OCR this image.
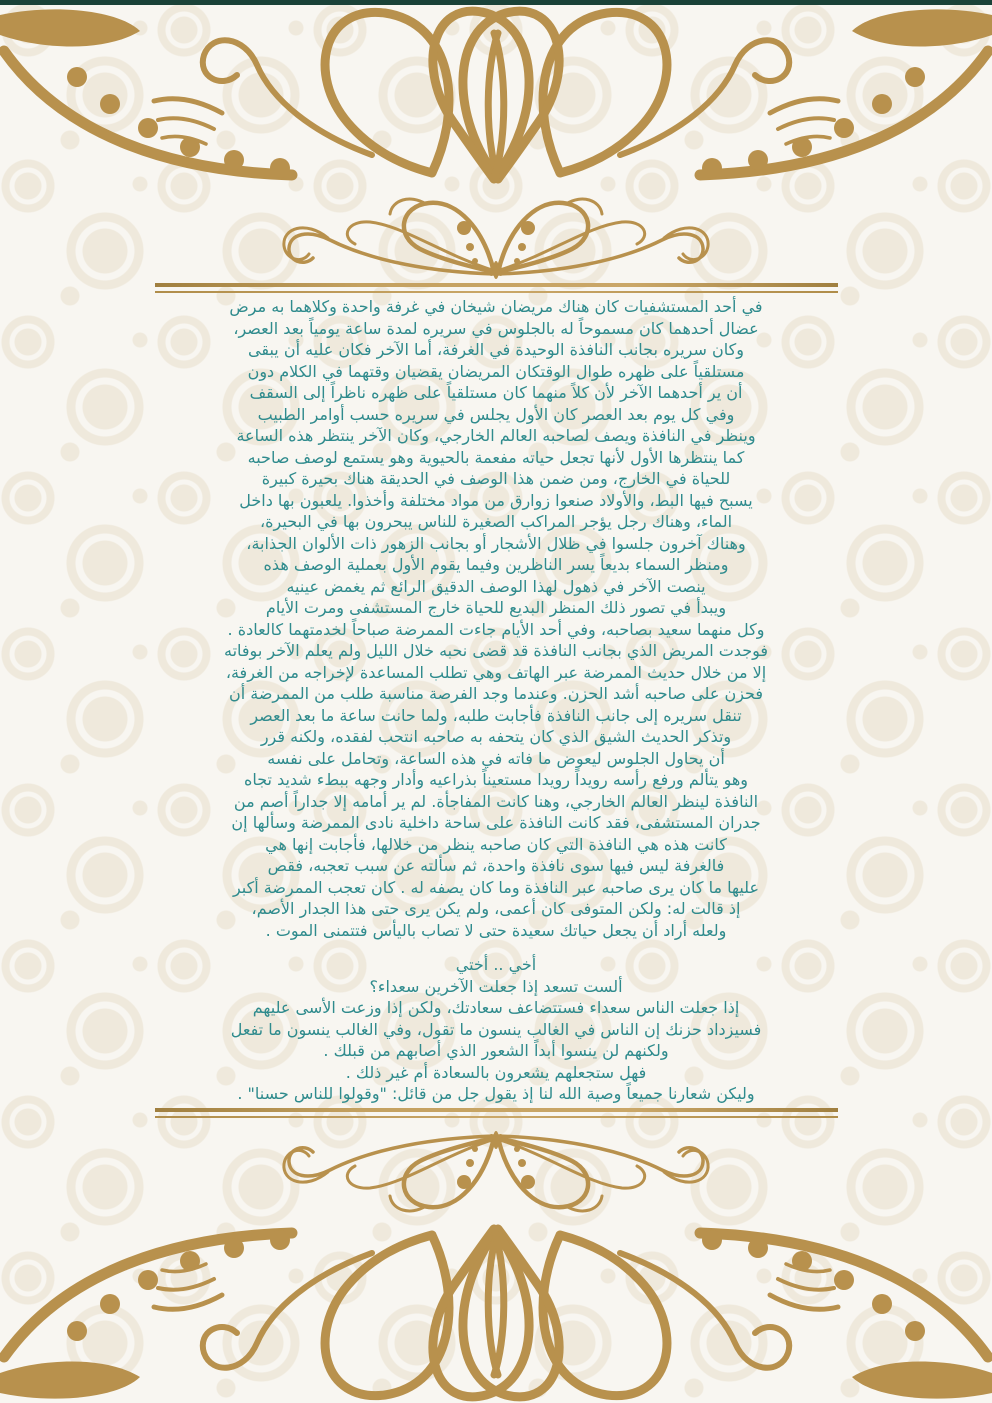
في أحد المستشفيات كان هناك مريضان شيخان في غرفة واحدة وكلاهما به مرض
عضال أحدهما كان مسموحاً له بالجلوس في سريره لمدة ساعة يومياً بعد العصر،
وكان سريره بجانب النافذة الوحيدة في الغرفة، أما الآخر فكان عليه أن يبقى
مستلقياً على ظهره طوال الوقتكان المريضان يقضيان وقتهما في الكلام دون
أن ير أحدهما الآخر لأن كلاً منهما كان مستلقياً على ظهره ناظراً إلى السقف
وفي كل يوم بعد العصر كان الأول يجلس في سريره حسب أوامر الطبيب
وينظر في النافذة ويصف لصاحبه العالم الخارجي، وكان الآخر ينتظر هذه الساعة
كما ينتظرها الأول لأنها تجعل حياته مفعمة بالحيوية وهو يستمع لوصف صاحبه
للحياة في الخارج، ومن ضمن هذا الوصف في الحديقة هناك بحيرة كبيرة
يسبح فيها البط، والأولاد صنعوا زوارق من مواد مختلفة وأخذوا. يلعبون بها داخل
الماء، وهناك رجل يؤجر المراكب الصغيرة للناس يبحرون بها في البحيرة،
وهناك آخرون جلسوا في ظلال الأشجار أو بجانب الزهور ذات الألوان الجذابة،
ومنظر السماء بديعاً يسر الناظرين وفيما يقوم الأول بعملية الوصف هذه
ينصت الآخر في ذهول لهذا الوصف الدقيق الرائع ثم يغمض عينيه
ويبدأ في تصور ذلك المنظر البديع للحياة خارج المستشفى ومرت الأيام
وكل منهما سعيد بصاحبه، وفي أحد الأيام جاءت الممرضة صباحاً لخدمتهما كالعادة .
فوجدت المريض الذي بجانب النافذة قد قضى نحبه خلال الليل ولم يعلم الآخر بوفاته
إلا من خلال حديث الممرضة عبر الهاتف وهي تطلب المساعدة لإخراجه من الغرفة،
فحزن على صاحبه أشد الحزن. وعندما وجد الفرصة مناسبة طلب من الممرضة أن
تنقل سريره إلى جانب النافذة فأجابت طلبه، ولما حانت ساعة ما بعد العصر
وتذكر الحديث الشيق الذي كان يتحفه به صاحبه انتحب لفقده، ولكنه قرر
أن يحاول الجلوس ليعوض ما فاته في هذه الساعة، وتحامل على نفسه
وهو يتألم ورفع رأسه رويداً رويدا مستعيناً بذراعيه وأدار وجهه ببطء شديد تجاه
النافذة لينظر العالم الخارجي، وهنا كانت المفاجأة. لم ير أمامه إلا جداراً أصم من
جدران المستشفى، فقد كانت النافذة على ساحة داخلية نادى الممرضة وسألها إن
كانت هذه هي النافذة التي كان صاحبه ينظر من خلالها، فأجابت إنها هي
فالغرفة ليس فيها سوى نافذة واحدة، ثم سألته عن سبب تعجبه، فقص
عليها ما كان يرى صاحبه عبر النافذة وما كان يصفه له . كان تعجب الممرضة أكبر
إذ قالت له: ولكن المتوفى كان أعمى، ولم يكن يرى حتى هذا الجدار الأصم،
ولعله أراد أن يجعل حياتك سعيدة حتى لا تصاب باليأس فتتمنى الموت .
أخي .. أختي
ألست تسعد إذا جعلت الآخرين سعداء؟
إذا جعلت الناس سعداء فستتضاعف سعادتك، ولكن إذا وزعت الأسى عليهم
فسيزداد حزنك إن الناس في الغالب ينسون ما تقول، وفي الغالب ينسون ما تفعل
ولكنهم لن ينسوا أبداً الشعور الذي أصابهم من قبلك .
فهل ستجعلهم يشعرون بالسعادة أم غير ذلك .
وليكن شعارنا جميعاً وصية الله لنا إذ يقول جل من قائل: "وقولوا للناس حسنا" .
